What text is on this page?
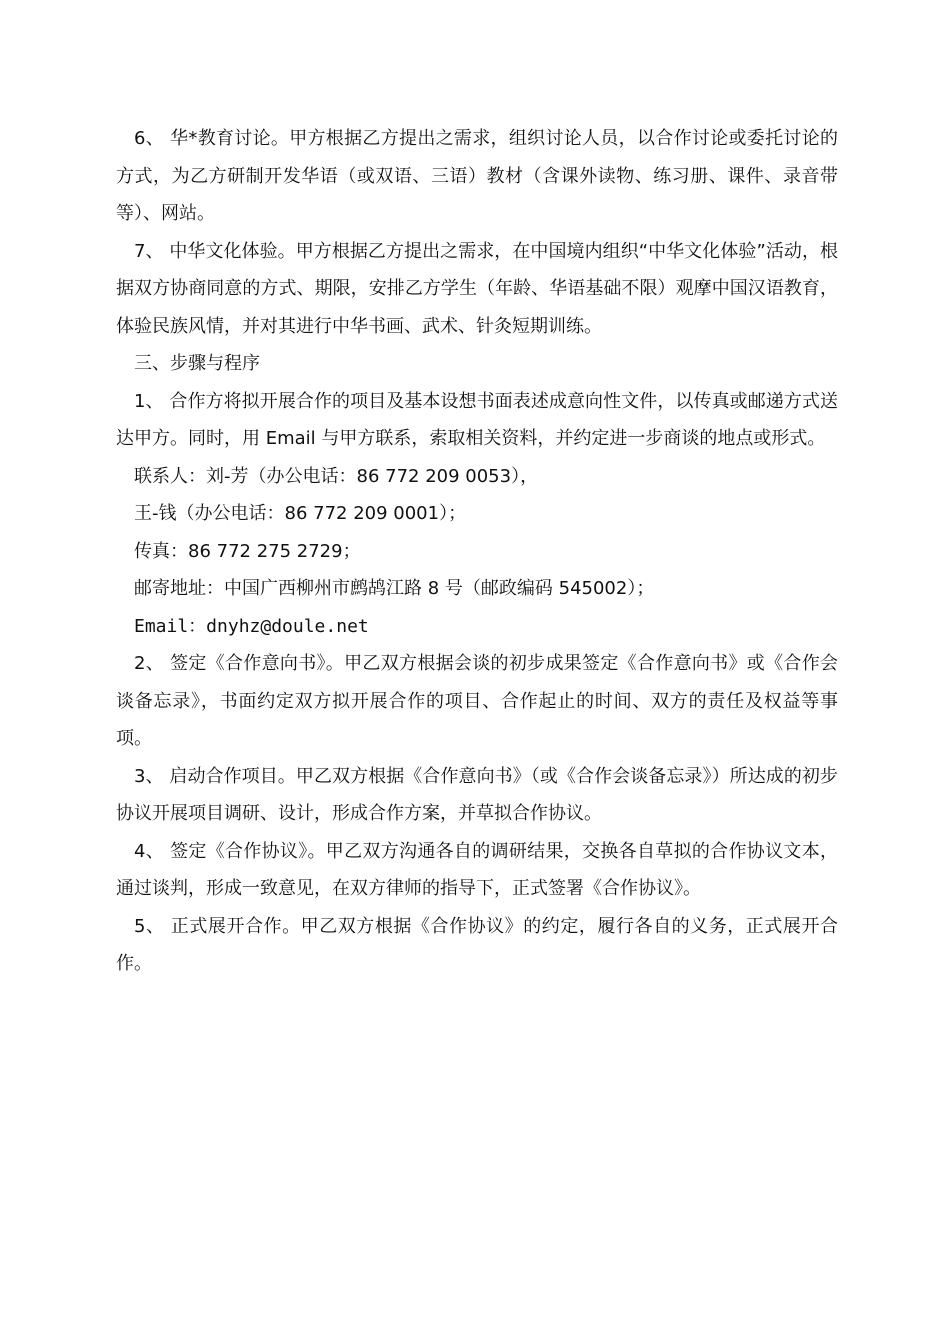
6、 华*教育讨论。甲方根据乙方提出之需求，组织讨论人员，以合作讨论或委托讨论的方式，为乙方研制开发华语（或双语、三语）教材（含课外读物、练习册、课件、录音带等）、网站。

7、 中华文化体验。甲方根据乙方提出之需求，在中国境内组织“中华文化体验”活动，根据双方协商同意的方式、期限，安排乙方学生（年龄、华语基础不限）观摩中国汉语教育，体验民族风情，并对其进行中华书画、武术、针灸短期训练。

三、步骤与程序

1、 合作方将拟开展合作的项目及基本设想书面表述成意向性文件，以传真或邮递方式送达甲方。同时，用 Email 与甲方联系，索取相关资料，并约定进一步商谈的地点或形式。

联系人：刘-芳（办公电话：86 772 209 0053），

王-钱（办公电话：86 772 209 0001）；

传真：86 772 275 2729；

邮寄地址：中国广西柳州市鹧鸪江路 8 号（邮政编码 545002）；

Email：dnyhz@doule.net

2、 签定《合作意向书》。甲乙双方根据会谈的初步成果签定《合作意向书》或《合作会谈备忘录》，书面约定双方拟开展合作的项目、合作起止的时间、双方的责任及权益等事项。

3、 启动合作项目。甲乙双方根据《合作意向书》（或《合作会谈备忘录》）所达成的初步协议开展项目调研、设计，形成合作方案，并草拟合作协议。

4、 签定《合作协议》。甲乙双方沟通各自的调研结果，交换各自草拟的合作协议文本，通过谈判，形成一致意见，在双方律师的指导下，正式签署《合作协议》。

5、 正式展开合作。甲乙双方根据《合作协议》的约定，履行各自的义务，正式展开合作。
